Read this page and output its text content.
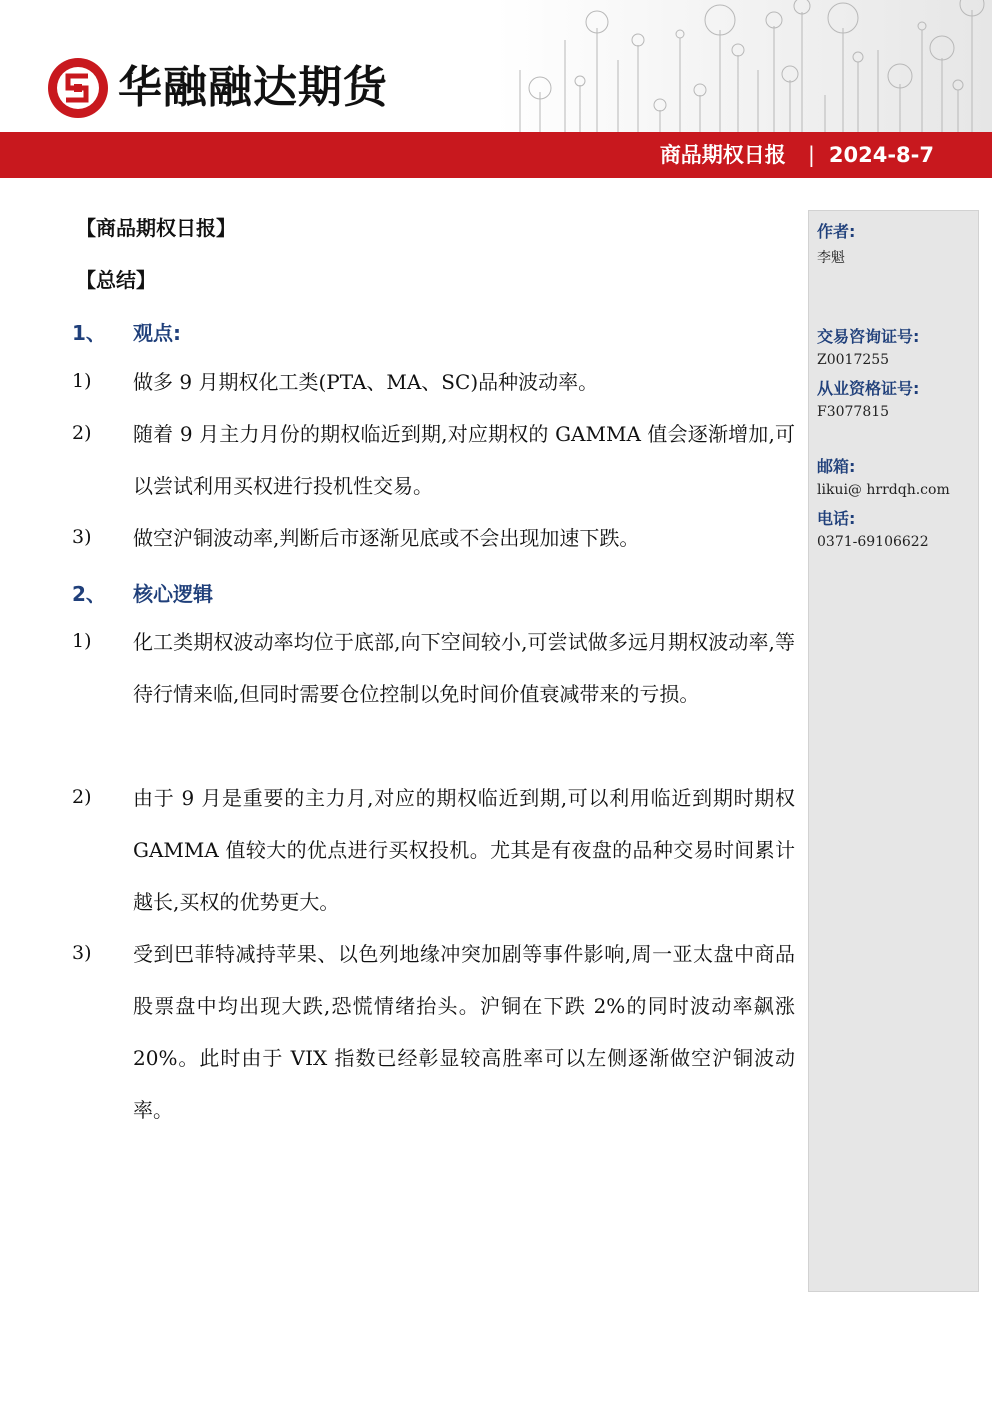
华融融达期货
商品期权日报 | 2024-8-7
作者:
李魁
交易咨询证号:
Z0017255
从业资格证号:
F3077815
邮箱:
likui@ hrrdqh.com
电话:
0371-69106622
【商品期权日报】
【总结】
1、 观点:
1) 做多 9 月期权化工类(PTA、MA、SC)品种波动率。
2) 随着 9 月主力月份的期权临近到期,对应期权的 GAMMA 值会逐渐增加,可以尝试利用买权进行投机性交易。
3) 做空沪铜波动率,判断后市逐渐见底或不会出现加速下跌。
2、 核心逻辑
1) 化工类期权波动率均位于底部,向下空间较小,可尝试做多远月期权波动率,等待行情来临,但同时需要仓位控制以免时间价值衰减带来的亏损。
2) 由于 9 月是重要的主力月,对应的期权临近到期,可以利用临近到期时期权 GAMMA 值较大的优点进行买权投机。尤其是有夜盘的品种交易时间累计越长,买权的优势更大。
3) 受到巴菲特减持苹果、以色列地缘冲突加剧等事件影响,周一亚太盘中商品股票盘中均出现大跌,恐慌情绪抬头。沪铜在下跌 2%的同时波动率飙涨 20%。此时由于 VIX 指数已经彰显较高胜率可以左侧逐渐做空沪铜波动率。
